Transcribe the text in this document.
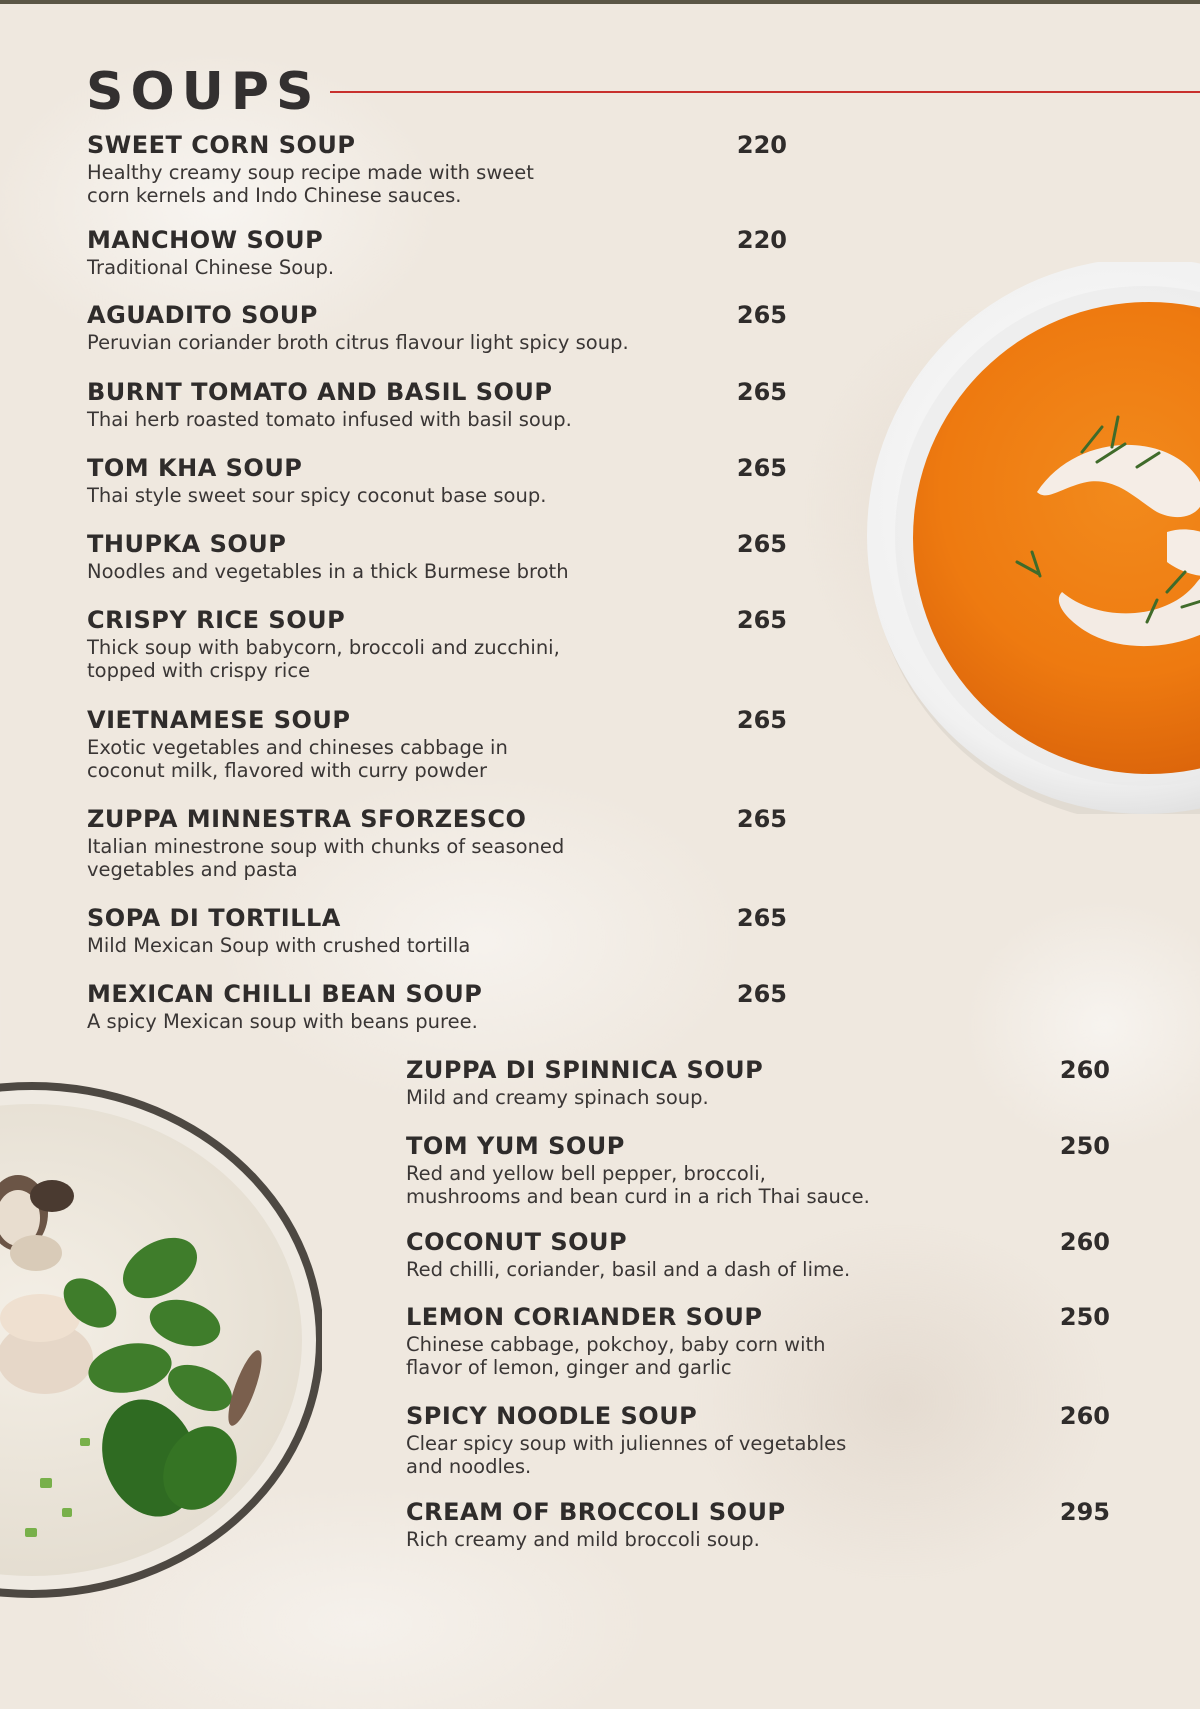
SOUPS
SWEET CORN SOUP	220
Healthy creamy soup recipe made with sweet
corn kernels and Indo Chinese sauces.
MANCHOW SOUP	220
Traditional Chinese Soup.
AGUADITO SOUP	265
Peruvian coriander broth citrus flavour light spicy soup.
BURNT TOMATO AND BASIL SOUP	265
Thai herb roasted tomato infused with basil soup.
TOM KHA SOUP	265
Thai style sweet sour spicy coconut base soup.
THUPKA SOUP	265
Noodles and vegetables in a thick Burmese broth
CRISPY RICE SOUP	265
Thick soup with babycorn, broccoli and zucchini,
topped with crispy rice
VIETNAMESE SOUP	265
Exotic vegetables and chineses cabbage in
coconut milk, flavored with curry powder
ZUPPA MINNESTRA SFORZESCO	265
Italian minestrone soup with chunks of seasoned
vegetables and pasta
SOPA DI TORTILLA	265
Mild Mexican Soup with crushed tortilla
MEXICAN CHILLI BEAN SOUP	265
A spicy Mexican soup with beans puree.
ZUPPA DI SPINNICA SOUP	260
Mild and creamy spinach soup.
TOM YUM SOUP	250
Red and yellow bell pepper, broccoli,
mushrooms and bean curd in a rich Thai sauce.
COCONUT SOUP	260
Red chilli, coriander, basil and a dash of lime.
LEMON CORIANDER SOUP	250
Chinese cabbage, pokchoy, baby corn with
flavor of lemon, ginger and garlic
SPICY NOODLE SOUP	260
Clear spicy soup with juliennes of vegetables
and noodles.
CREAM OF BROCCOLI SOUP	295
Rich creamy and mild broccoli soup.
